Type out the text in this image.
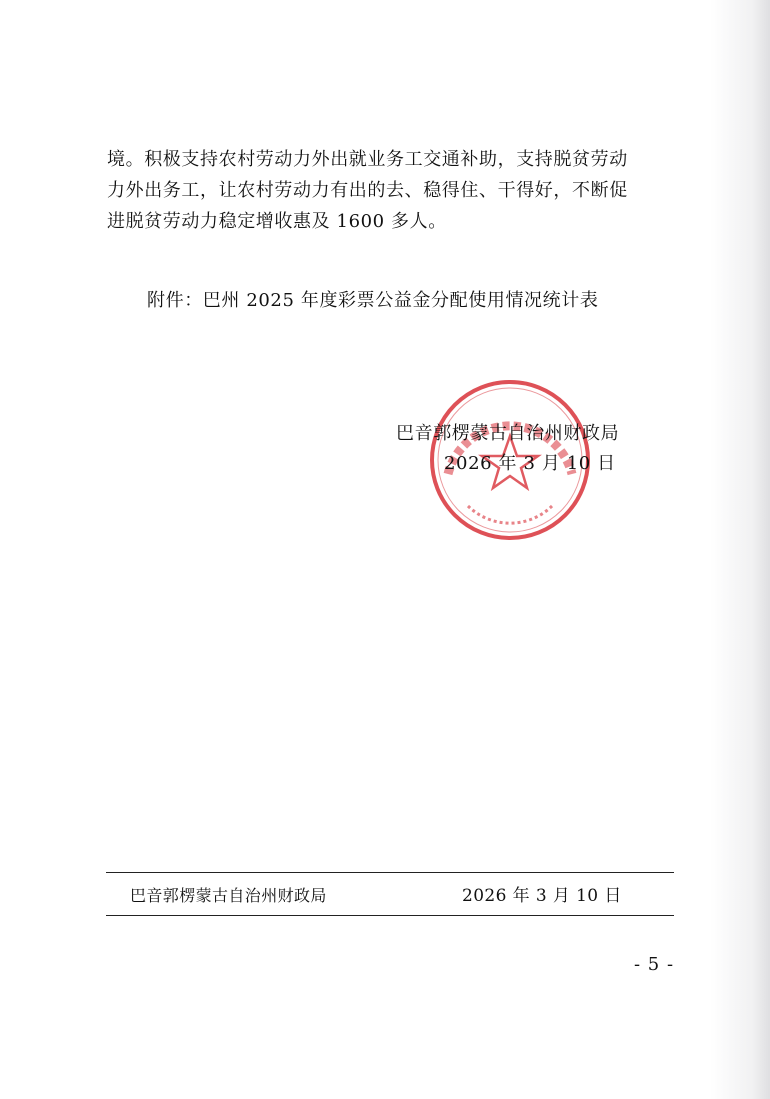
境。积极支持农村劳动力外出就业务工交通补助，支持脱贫劳动
力外出务工，让农村劳动力有出的去、稳得住、干得好，不断促
进脱贫劳动力稳定增收惠及 1600 多人。
附件：巴州 2025 年度彩票公益金分配使用情况统计表
巴音郭楞蒙古自治州财政局
2026 年 3 月 10 日
巴音郭楞蒙古自治州财政局	2026 年 3 月 10 日
- 5 -
